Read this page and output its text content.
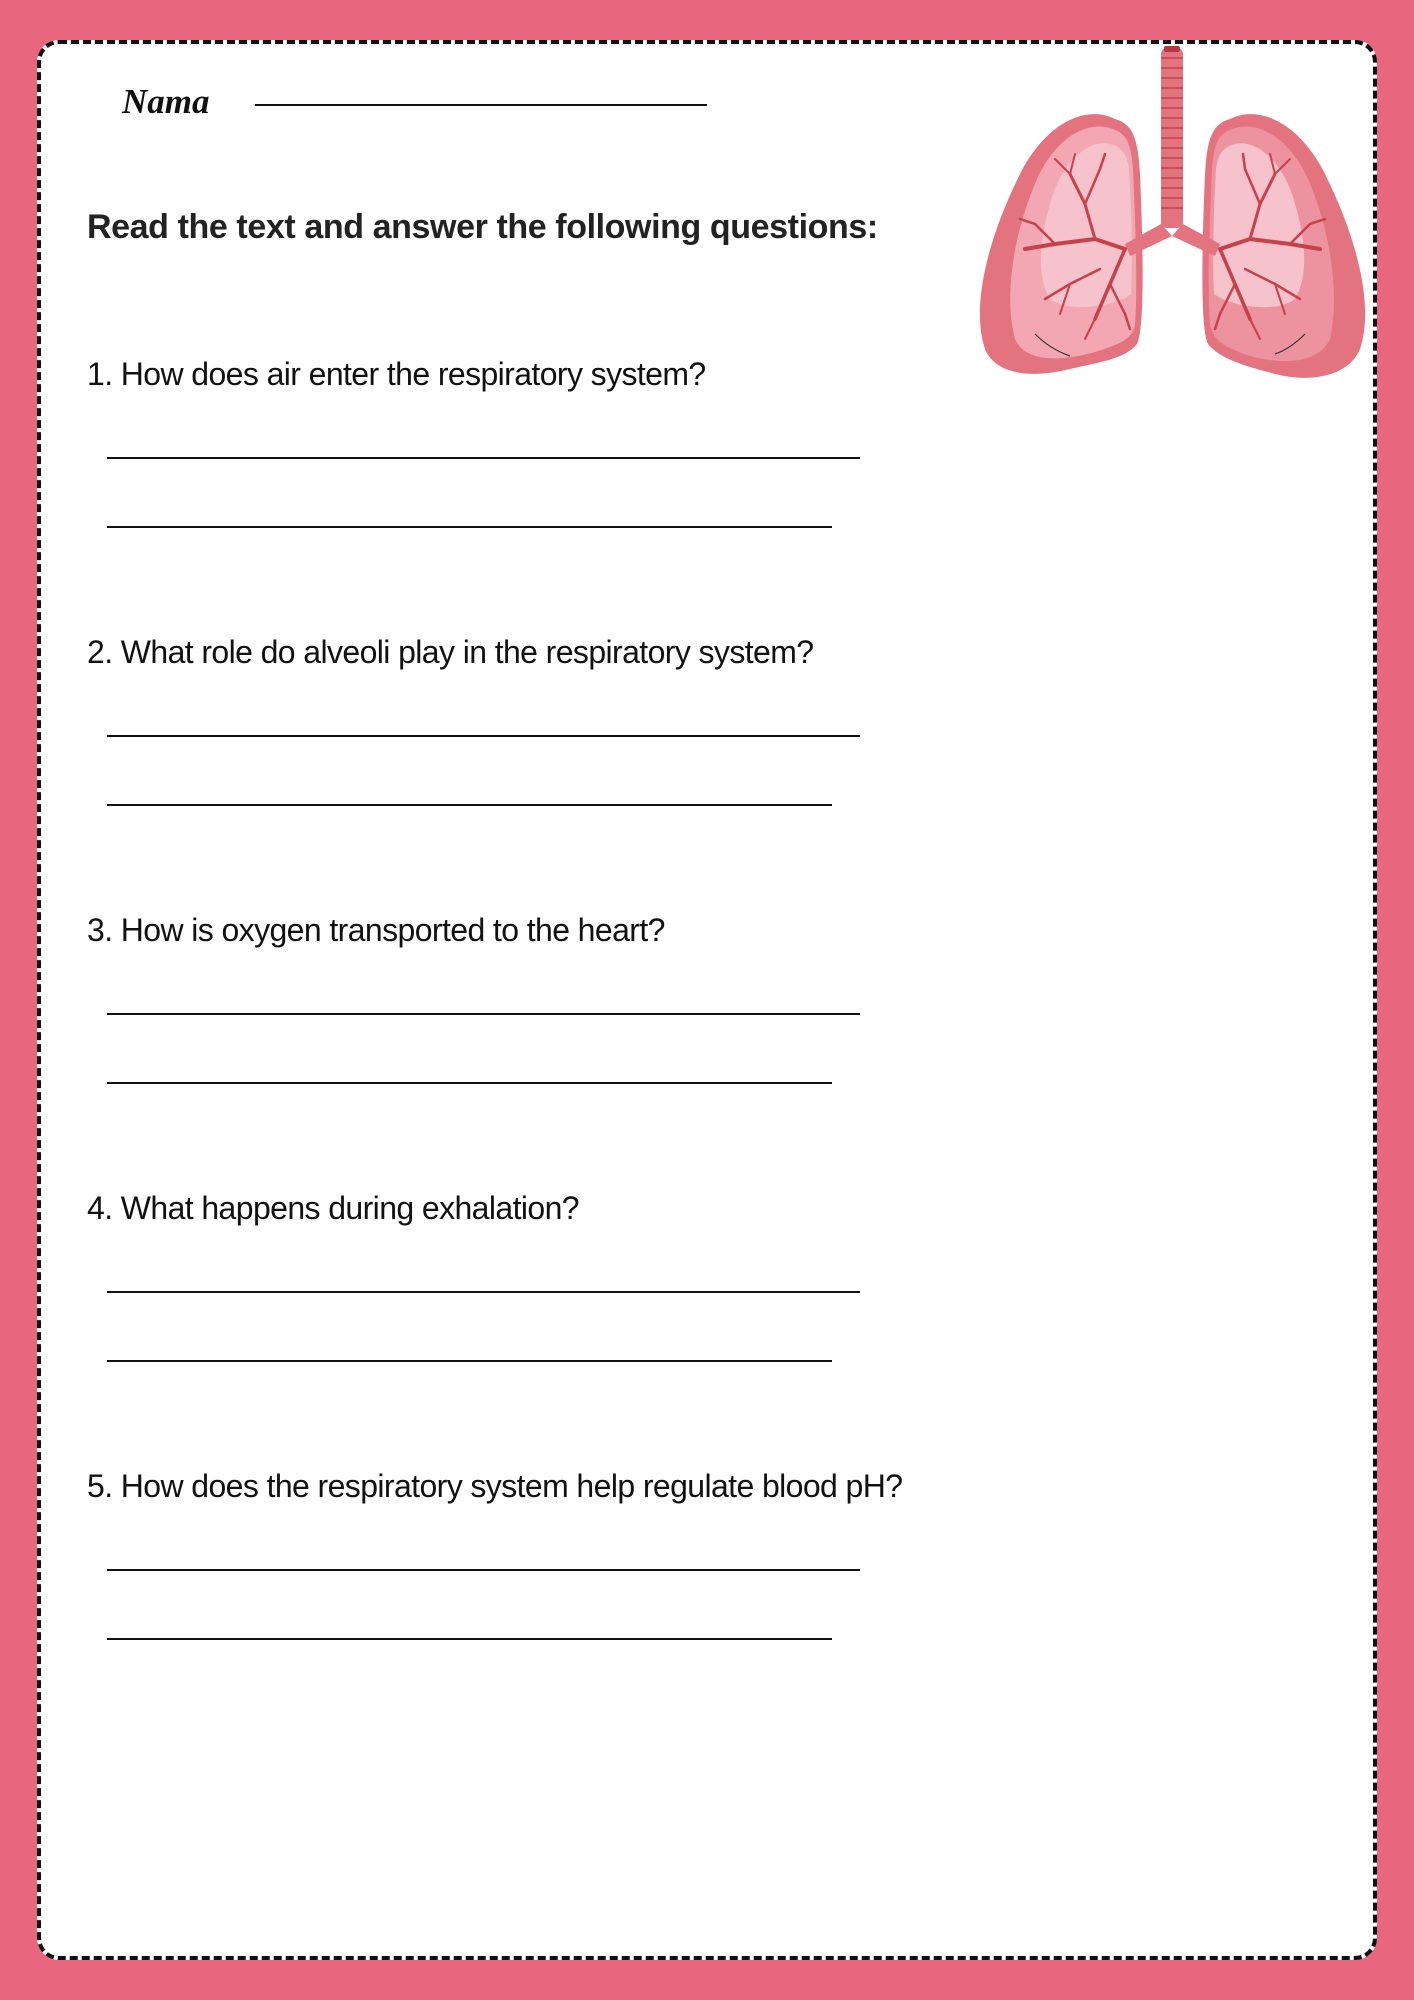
Nama
Read the text and answer the following questions:
1. How does air enter the respiratory system?
2. What role do alveoli play in the respiratory system?
3. How is oxygen transported to the heart?
4. What happens during exhalation?
5. How does the respiratory system help regulate blood pH?
